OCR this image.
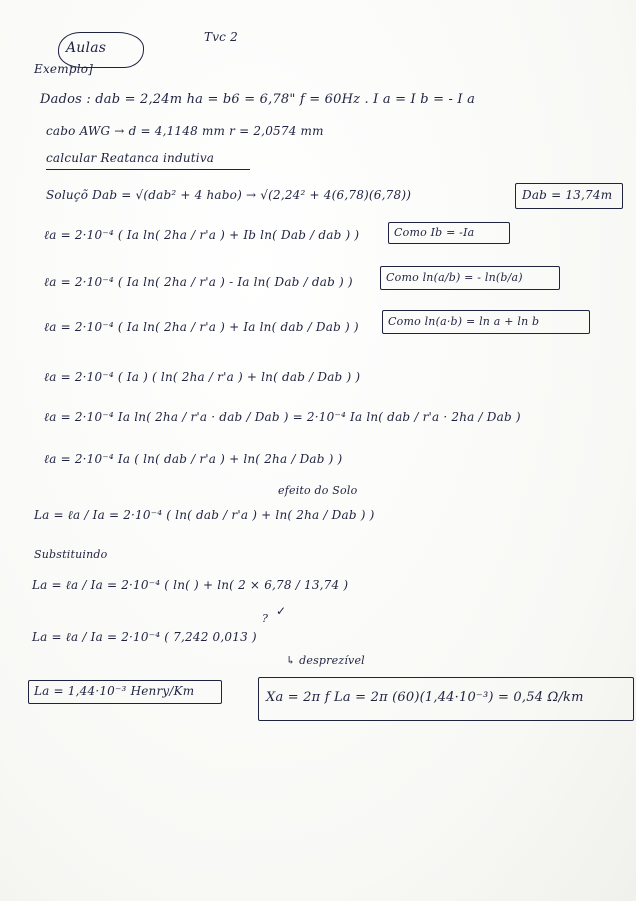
Aulas
Exemplo]
Tvc 2
Dados : dab = 2,24m ha = b6 = 6,78" f = 60Hz . I a = I b = - I a
cabo AWG → d = 4,1148 mm r = 2,0574 mm
calcular Reatanca indutiva
Soluçõ Dab = √(dab² + 4 habo) → √(2,24² + 4(6,78)(6,78))	Dab = 13,74m
ℓa = 2·10⁻⁴ ( Ia ln( 2ha / r'a ) + Ib ln( Dab / dab ) )	Como Ib = -Ia
ℓa = 2·10⁻⁴ ( Ia ln( 2ha / r'a ) - Ia ln( Dab / dab ) )	Como ln(a/b) = - ln(b/a)
ℓa = 2·10⁻⁴ ( Ia ln( 2ha / r'a ) + Ia ln( dab / Dab ) )	Como ln(a·b) = ln a + ln b
ℓa = 2·10⁻⁴ ( Ia ) ( ln( 2ha / r'a ) + ln( dab / Dab ) )
ℓa = 2·10⁻⁴ Ia ln( 2ha / r'a · dab / Dab ) = 2·10⁻⁴ Ia ln( dab / r'a · 2ha / Dab )
ℓa = 2·10⁻⁴ Ia ( ln( dab / r'a ) + ln( 2ha / Dab ) )
efeito do Solo
La = ℓa / Ia = 2·10⁻⁴ ( ln( dab / r'a ) + ln( 2ha / Dab ) )
Substituindo
La = ℓa / Ia = 2·10⁻⁴ ( ln( ) + ln( 2 × 6,78 / 13,74 )
?
✓
La = ℓa / Ia = 2·10⁻⁴ ( 7,242 0,013 )
↳ desprezível
La = 1,44·10⁻³ Henry/Km	Xa = 2π f La = 2π (60)(1,44·10⁻³) = 0,54 Ω/km
